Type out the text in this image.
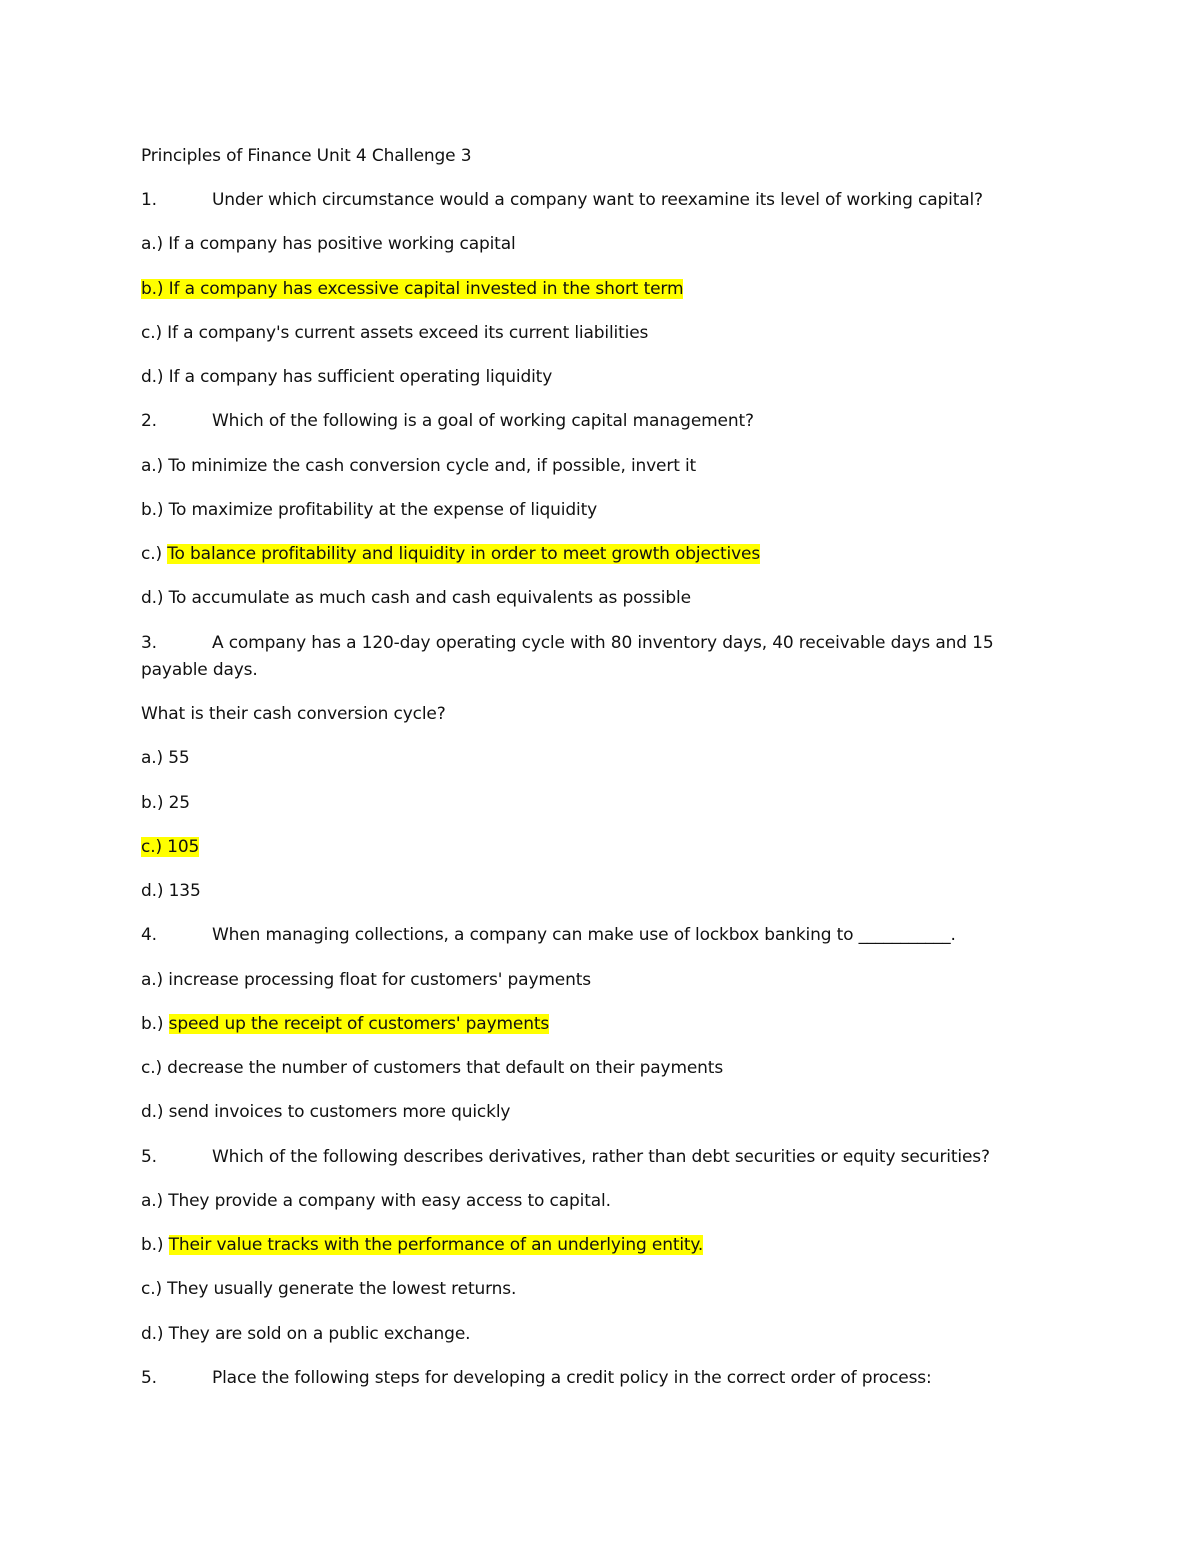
Principles of Finance Unit 4 Challenge 3
1.	Under which circumstance would a company want to reexamine its level of working capital?
a.) If a company has positive working capital
b.) If a company has excessive capital invested in the short term
c.) If a company's current assets exceed its current liabilities
d.) If a company has sufficient operating liquidity
2.	Which of the following is a goal of working capital management?
a.) To minimize the cash conversion cycle and, if possible, invert it
b.) To maximize profitability at the expense of liquidity
c.) To balance profitability and liquidity in order to meet growth objectives
d.) To accumulate as much cash and cash equivalents as possible
3.	A company has a 120-day operating cycle with 80 inventory days, 40 receivable days and 15
payable days.
What is their cash conversion cycle?
a.) 55
b.) 25
c.) 105
d.) 135
4.	When managing collections, a company can make use of lockbox banking to ___________.
a.) increase processing float for customers' payments
b.) speed up the receipt of customers' payments
c.) decrease the number of customers that default on their payments
d.) send invoices to customers more quickly
5.	Which of the following describes derivatives, rather than debt securities or equity securities?
a.) They provide a company with easy access to capital.
b.) Their value tracks with the performance of an underlying entity.
c.) They usually generate the lowest returns.
d.) They are sold on a public exchange.
5.	Place the following steps for developing a credit policy in the correct order of process:
